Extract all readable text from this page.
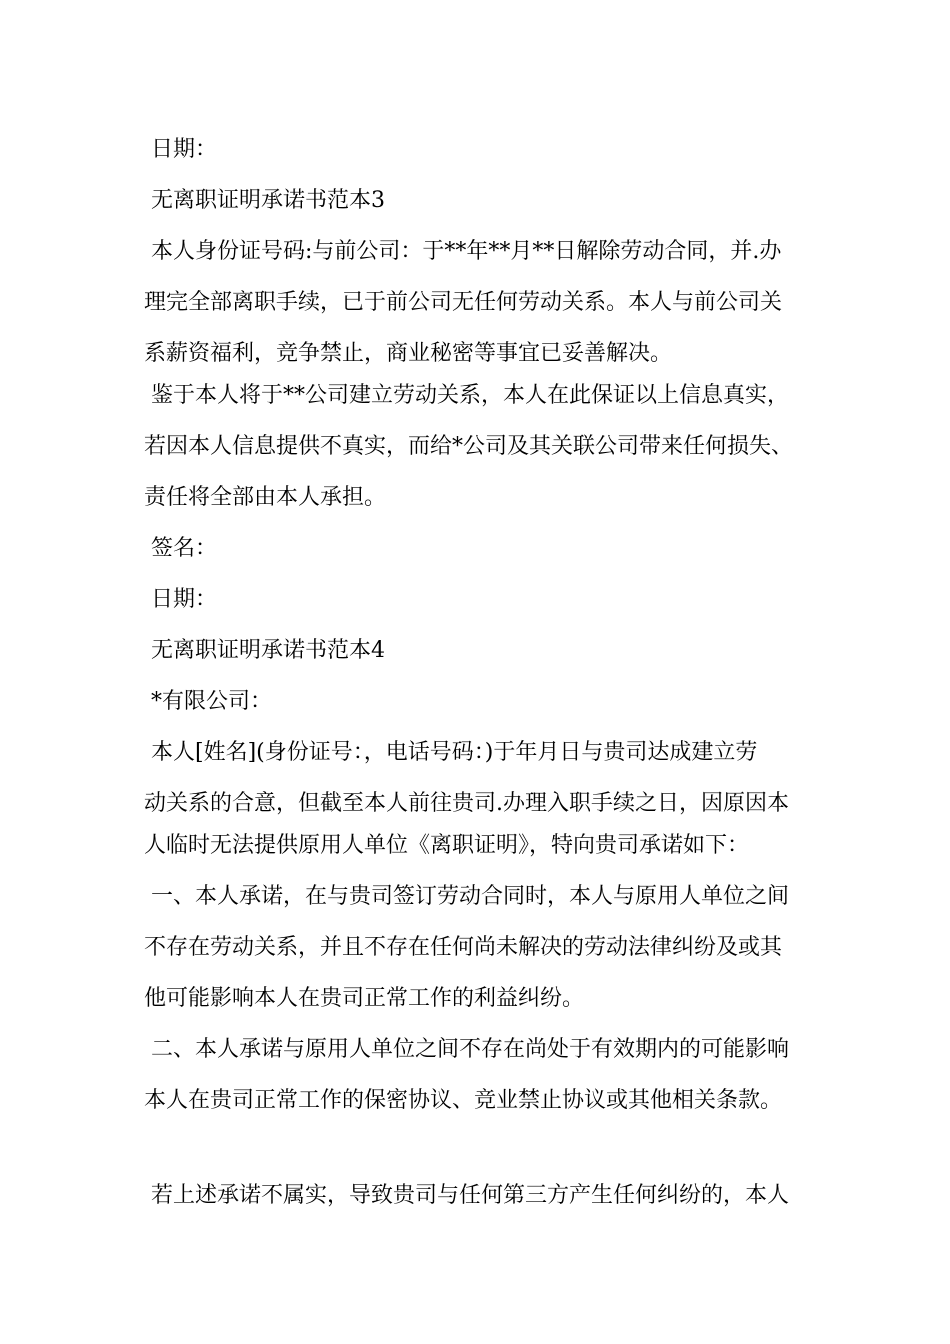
日期：
无离职证明承诺书范本3
本人身份证号码:与前公司：于**年**月**日解除劳动合同，并.办
理完全部离职手续，已于前公司无任何劳动关系。本人与前公司关
系薪资福利，竞争禁止，商业秘密等事宜已妥善解决。
鉴于本人将于**公司建立劳动关系，本人在此保证以上信息真实，
若因本人信息提供不真实，而给*公司及其关联公司带来任何损失、
责任将全部由本人承担。
签名：
日期：
无离职证明承诺书范本4
*有限公司：
本人[姓名](身份证号：，电话号码：)于年月日与贵司达成建立劳
动关系的合意，但截至本人前往贵司.办理入职手续之日，因原因本
人临时无法提供原用人单位《离职证明》，特向贵司承诺如下：
一、本人承诺，在与贵司签订劳动合同时，本人与原用人单位之间
不存在劳动关系，并且不存在任何尚未解决的劳动法律纠纷及或其
他可能影响本人在贵司正常工作的利益纠纷。
二、本人承诺与原用人单位之间不存在尚处于有效期内的可能影响
本人在贵司正常工作的保密协议、竞业禁止协议或其他相关条款。
若上述承诺不属实，导致贵司与任何第三方产生任何纠纷的，本人
